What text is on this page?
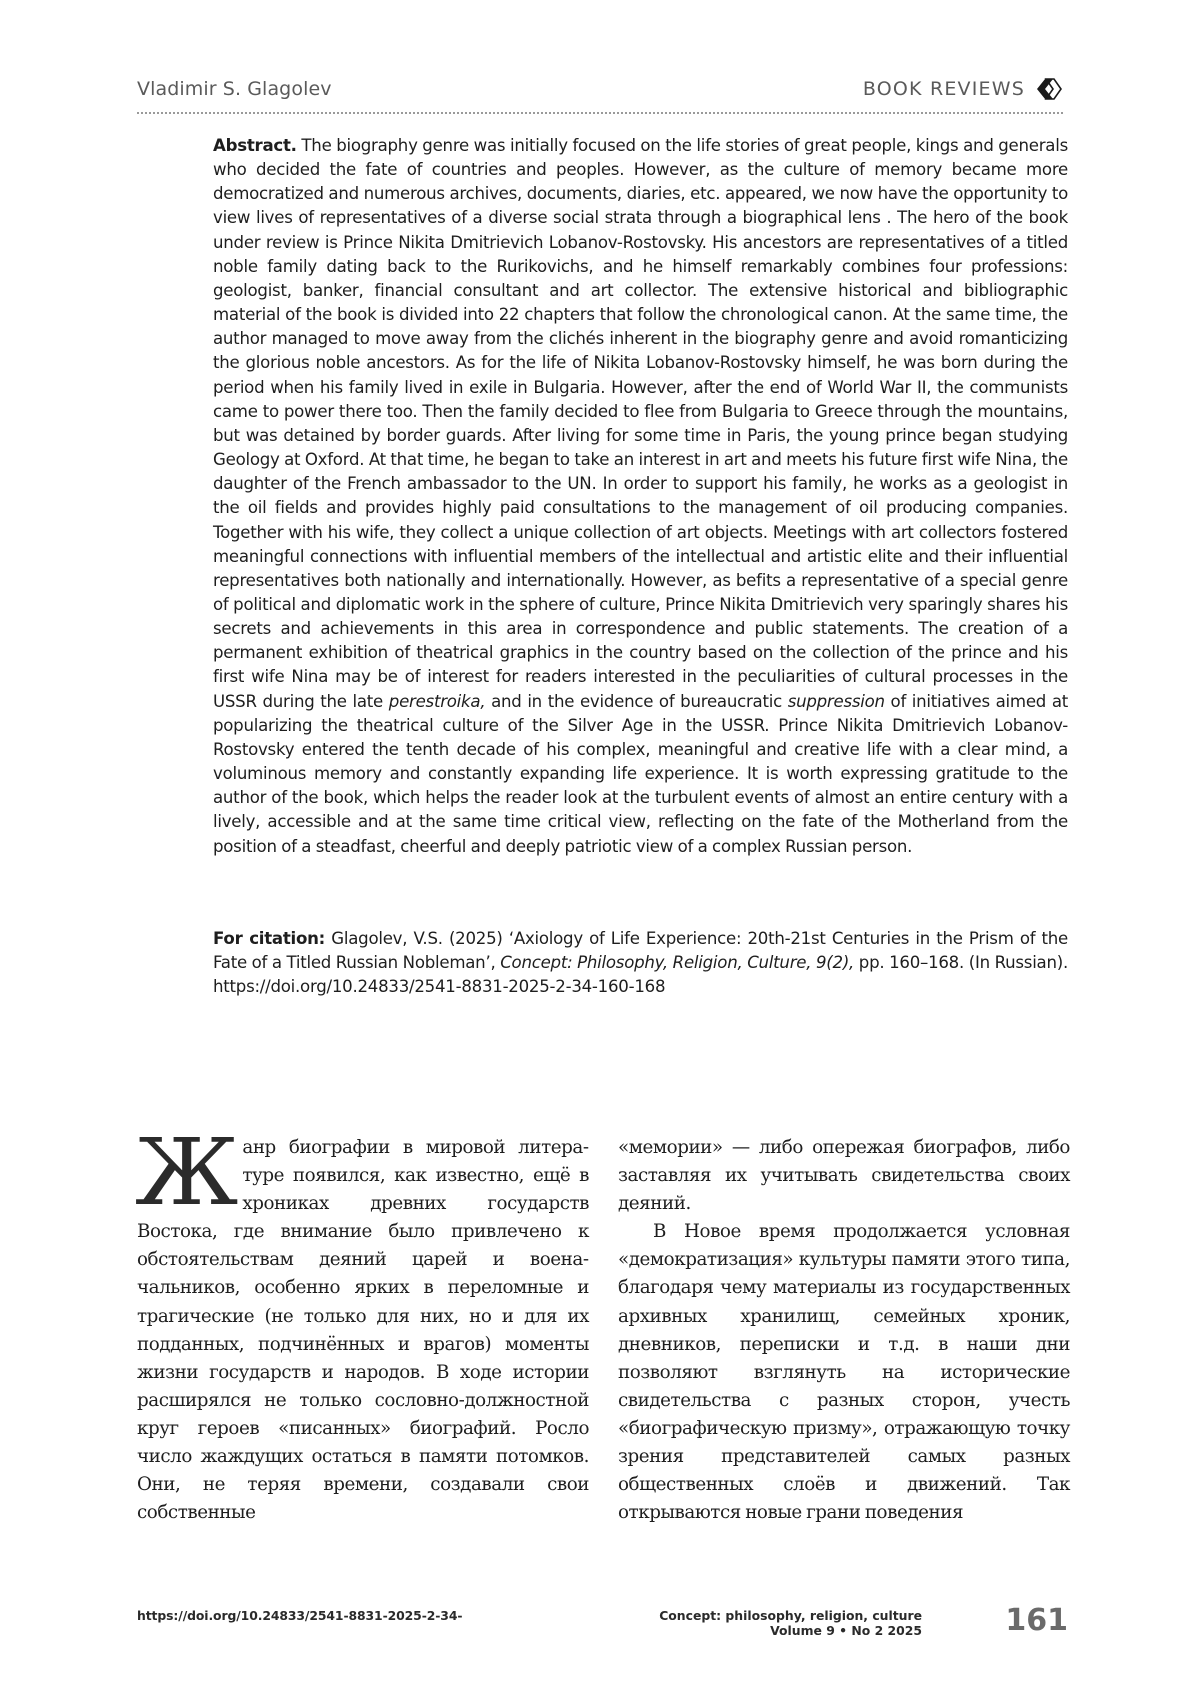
Vladimir S. Glagolev	BOOK REVIEWS

Abstract. The biography genre was initially focused on the life stories of great people, kings and generals who decided the fate of countries and peoples. However, as the culture of memory became more democratized and numerous archives, documents, diaries, etc. appeared, we now have the opportunity to view lives of representatives of a diverse social strata through a biographical lens . The hero of the book under review is Prince Nikita Dmitrievich Lobanov-Rostovsky. His ancestors are representatives of a titled noble family dating back to the Rurikovichs, and he himself remarkably combines four professions: geologist, banker, financial consultant and art collector. The extensive historical and bibliographic material of the book is divided into 22 chapters that follow the chronological canon. At the same time, the author managed to move away from the clichés inherent in the biography genre and avoid romanticizing the glorious noble ancestors. As for the life of Nikita Lobanov-Rostovsky himself, he was born during the period when his family lived in exile in Bulgaria. However, after the end of World War II, the communists came to power there too. Then the family decided to flee from Bulgaria to Greece through the mountains, but was detained by border guards. After living for some time in Paris, the young prince began studying Geology at Oxford. At that time, he began to take an interest in art and meets his future first wife Nina, the daughter of the French ambassador to the UN. In order to support his family, he works as a geologist in the oil fields and provides highly paid consultations to the management of oil producing companies. Together with his wife, they collect a unique collection of art objects. Meetings with art collectors fostered meaningful connections with influential members of the intellectual and artistic elite and their influential representatives both nationally and internationally. However, as befits a representative of a special genre of political and diplomatic work in the sphere of culture, Prince Nikita Dmitrievich very sparingly shares his secrets and achievements in this area in correspondence and public statements. The creation of a permanent exhibition of theatrical graphics in the country based on the collection of the prince and his first wife Nina may be of interest for readers interested in the peculiarities of cultural processes in the USSR during the late perestroika, and in the evidence of bureaucratic suppression of initiatives aimed at popularizing the theatrical culture of the Silver Age in the USSR. Prince Nikita Dmitrievich Lobanov-Rostovsky entered the tenth decade of his complex, meaningful and creative life with a clear mind, a voluminous memory and constantly expanding life experience. It is worth expressing gratitude to the author of the book, which helps the reader look at the turbulent events of almost an entire century with a lively, accessible and at the same time critical view, reflecting on the fate of the Motherland from the position of a steadfast, cheerful and deeply patriotic view of a complex Russian person.

For citation: Glagolev, V.S. (2025) ‘Axiology of Life Experience: 20th-21st Centuries in the Prism of the Fate of a Titled Russian Nobleman’, Concept: Philosophy, Religion, Culture, 9(2), pp. 160–168. (In Russian). https://doi.org/10.24833/2541-8831-2025-2-34-160-168

Жанр биографии в мировой литературе появился, как известно, ещё в хрониках древних государств Востока, где внимание было привлечено к обстоятельствам деяний царей и военачальников, особенно ярких в переломные и трагические (не только для них, но и для их подданных, подчинённых и врагов) моменты жизни государств и народов. В ходе истории расширялся не только сословно-должностной круг героев «писанных» биографий. Росло число жаждущих остаться в памяти потомков. Они, не теряя времени, создавали свои собственные

«мемории» — либо опережая биографов, либо заставляя их учитывать свидетельства своих деяний.

В Новое время продолжается условная «демократизация» культуры памяти этого типа, благодаря чему материалы из государственных архивных хранилищ, семейных хроник, дневников, переписки и т.д. в наши дни позволяют взглянуть на исторические свидетельства с разных сторон, учесть «биографическую призму», отражающую точку зрения представителей самых разных общественных слоёв и движений. Так открываются новые грани поведения

https://doi.org/10.24833/2541-8831-2025-2-34-	Concept: philosophy, religion, culture
Volume 9 • No 2 2025	161
